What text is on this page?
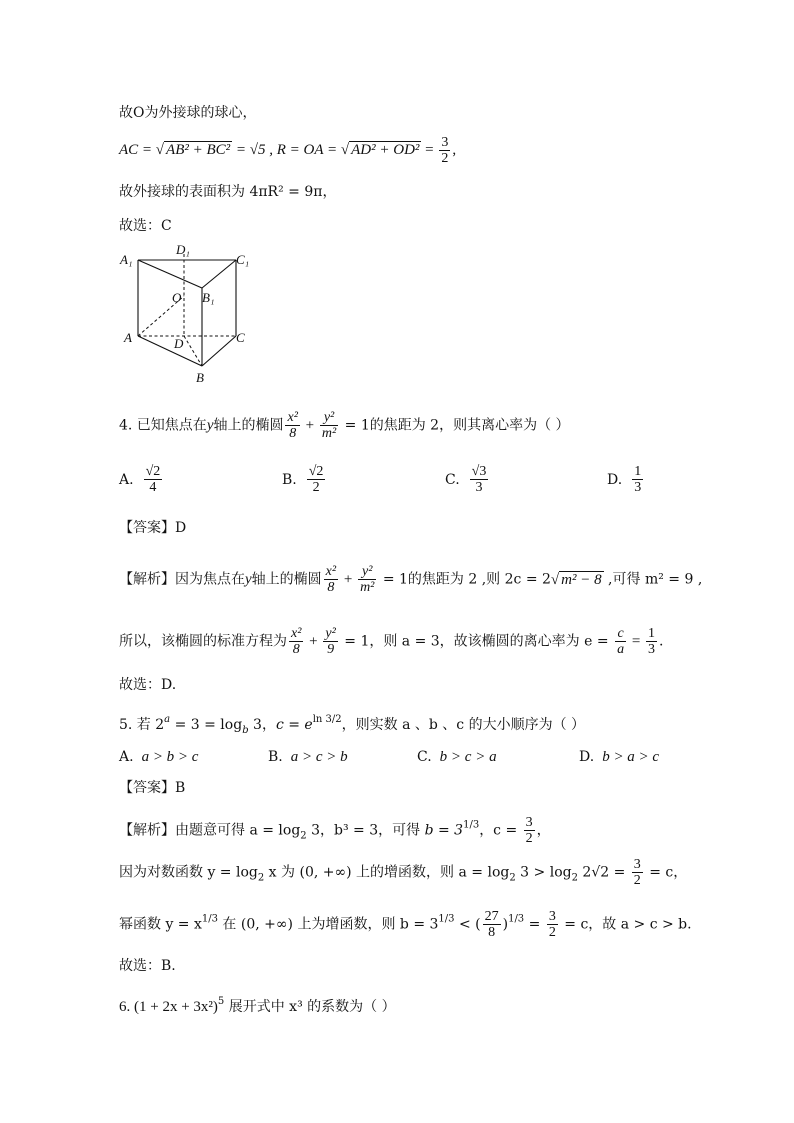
故O为外接球的球心，
AC = √ AB² + BC² = √5 , R = OA = √ $AD^2 + OD^2 = \frac{3}{2}$ ,
故外接球的表面积为 4πR² = 9π，
故选：C
A₁
D₁
C₁
O B₁
A	D	C
B
4. 已知焦点在y轴上的椭圆 $\frac{\text{x²}}{8} + \frac{\text{y²}}{\text{m²}} = 1$的焦距为 2，则其离心率为（ ）
A. $\frac{√2}{4}$	B. $\frac{√2}{2}$	C. $\frac{√3}{3}$	D. $\frac{1}{3}$
【答案】D
【解析】因为焦点在y轴上的椭圆 $\frac{\text{x²}}{8} + \frac{\text{y²}}{\text{m²}} = 1$的焦距为 2 ,则 2c = 2√ m² − 8 ,可得 m² = 9 ,
所以，该椭圆的标准方程为 $\frac{\text{x²}}{8} + \frac{\text{y²}}{9} = 1$，则 a = 3，故该椭圆的离心率为 $e = \frac{c}{a} = \frac{1}{3}$ .
故选：D.
5. 若 $2^a = 3 = \log_b 3$，$c = e^{ln 3/2}$，则实数 a 、b 、c 的大小顺序为（ ）
A. a > b > c	B. a > c > b	C. b > c > a	D. b > a > c
【答案】B
【解析】由题意可得 $a = \log_2 3$，b³ = 3，可得 $b = 3^{1/3}$，$c = \frac{3}{2}$ ，
因为对数函数 $y = \log_2 x$ 为 (0, +∞) 上的增函数，则 $a = \log_2 3 > \log_2 2√2 = \frac{3}{2} = c$，
幂函数 $y = x^{1/3}$ 在 (0, +∞) 上为增函数，则 $b = 3^{1/3}$ < ( $\frac{27}{8} )^{1/3} = \frac{3}{2} = c$，故 a > c > b.
故选：B.
6. $(1 + 2x + 3x^2)^5$ 展开式中 x³ 的系数为（ ）
